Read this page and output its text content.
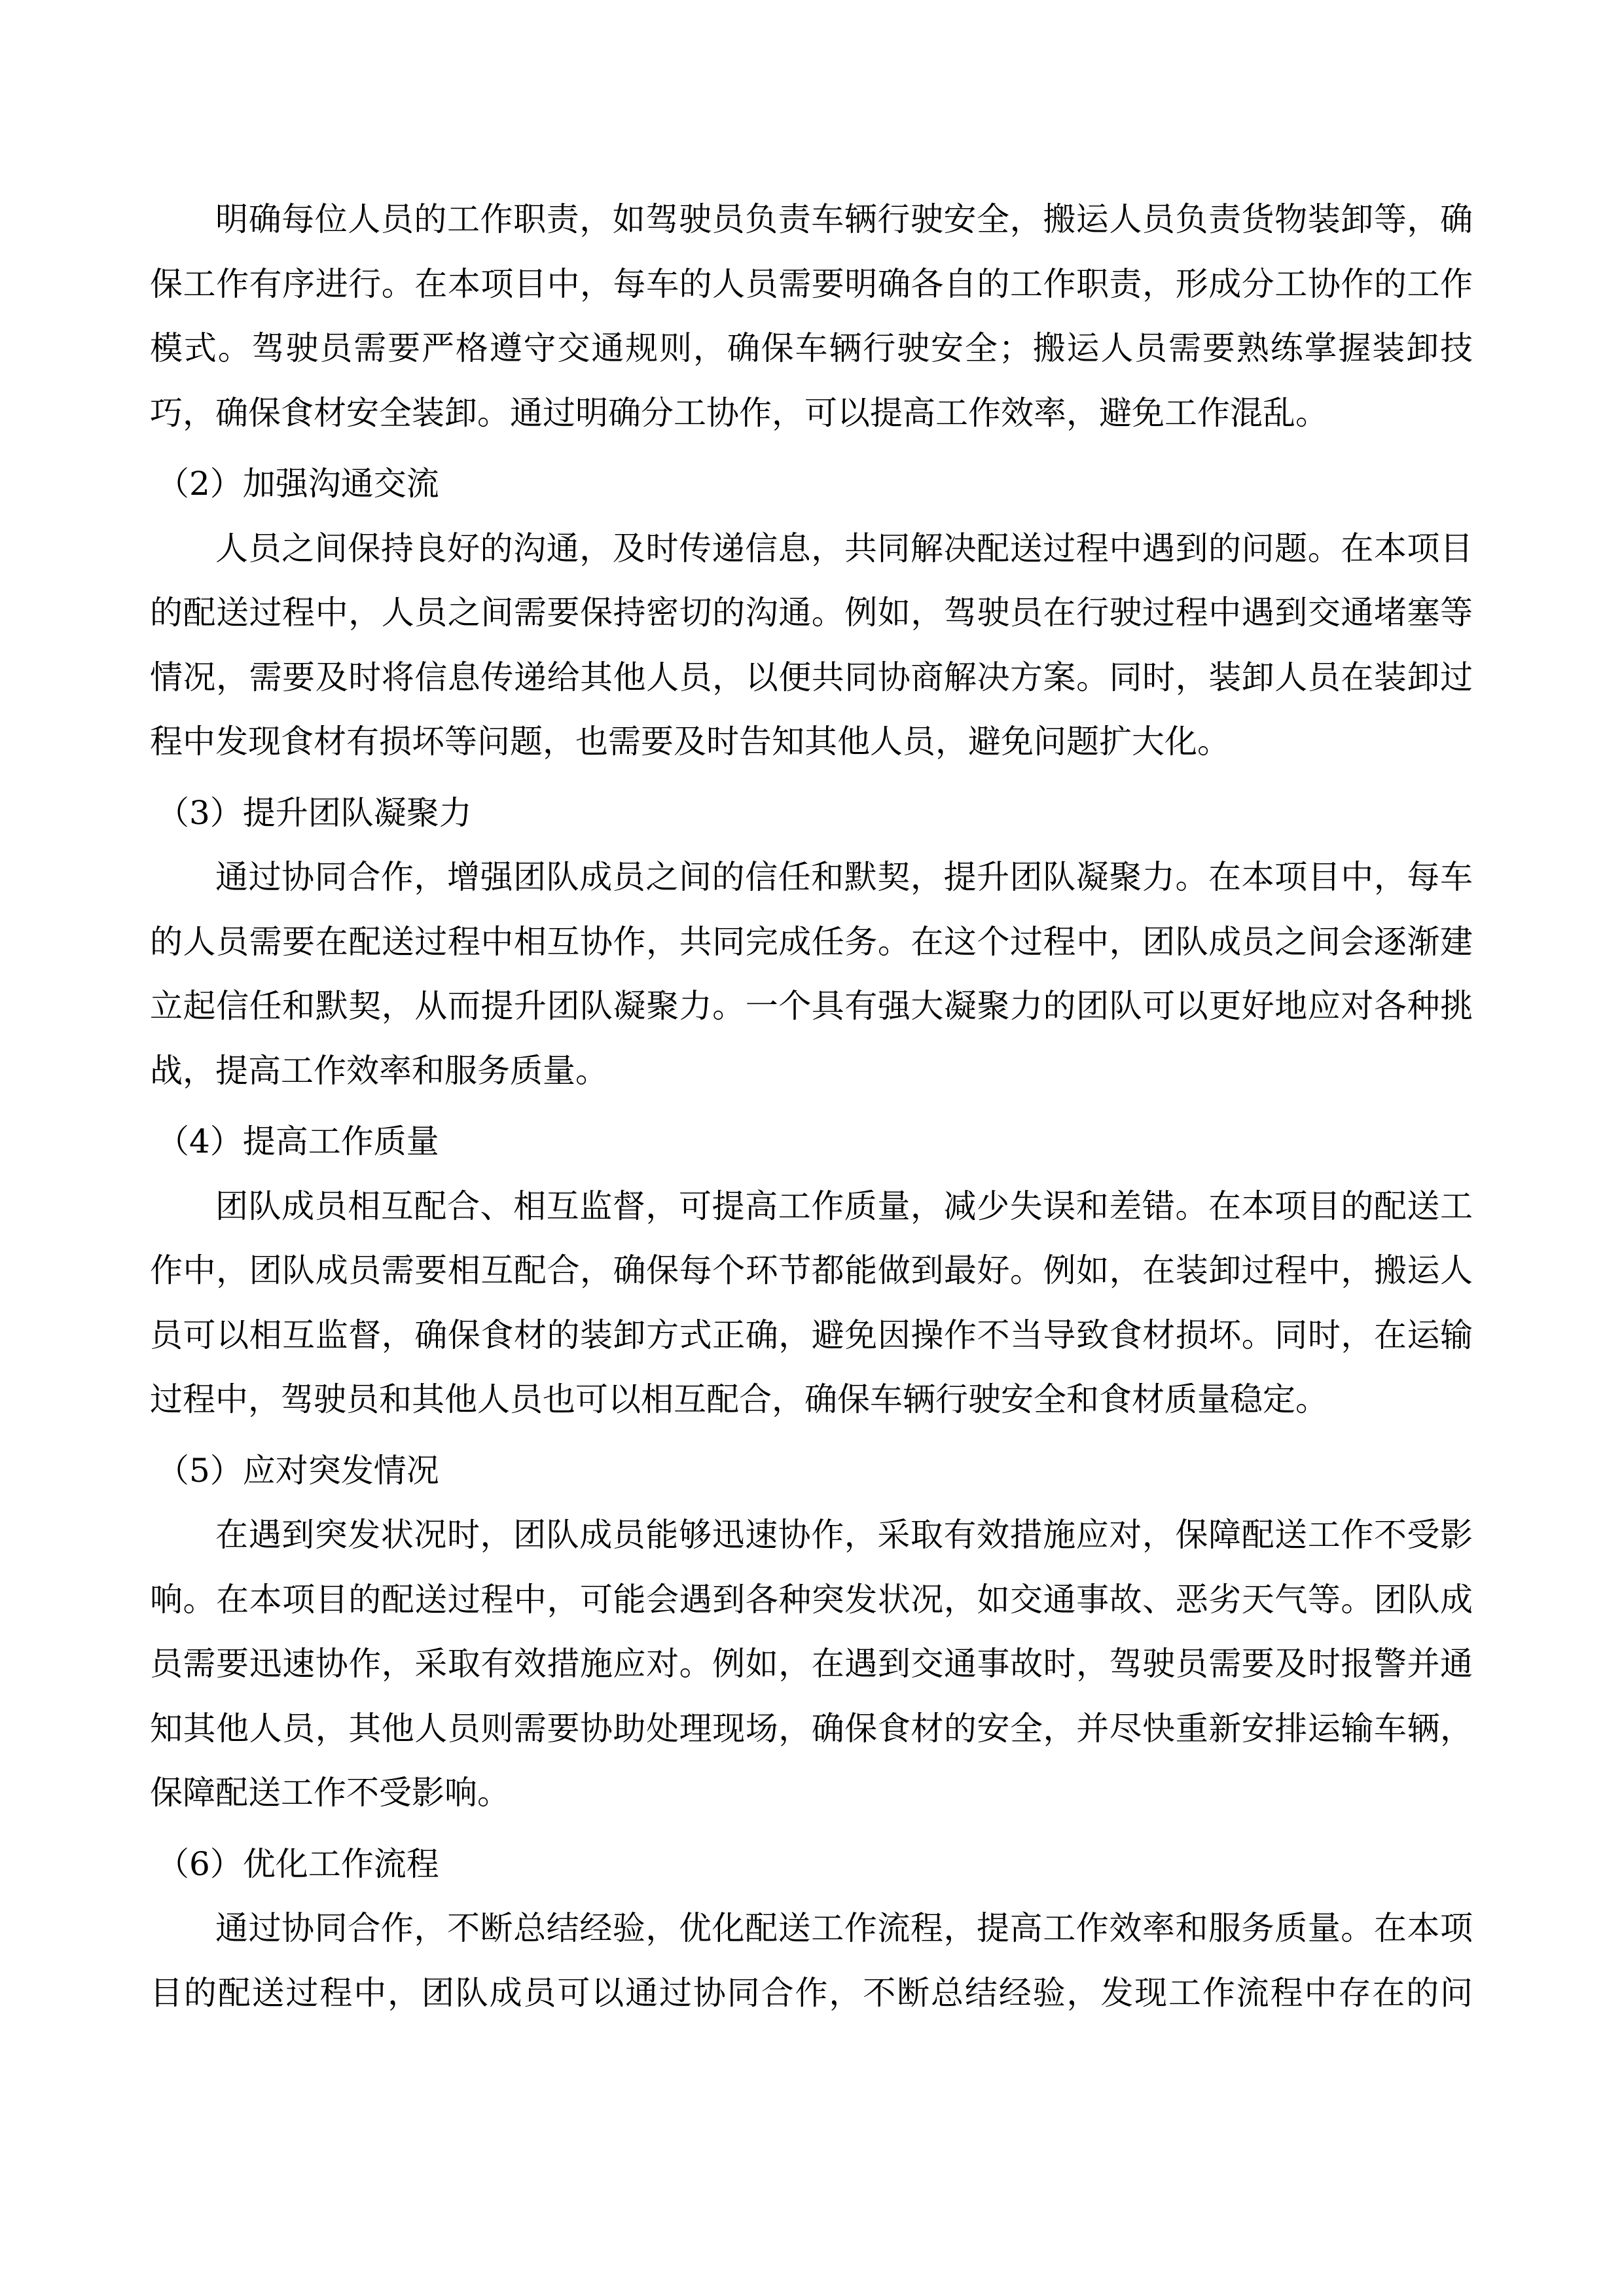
明确每位人员的工作职责，如驾驶员负责车辆行驶安全，搬运人员负责货物装卸等，确
保工作有序进行。在本项目中，每车的人员需要明确各自的工作职责，形成分工协作的工作
模式。驾驶员需要严格遵守交通规则，确保车辆行驶安全；搬运人员需要熟练掌握装卸技
巧，确保食材安全装卸。通过明确分工协作，可以提高工作效率，避免工作混乱。
（2）加强沟通交流
人员之间保持良好的沟通，及时传递信息，共同解决配送过程中遇到的问题。在本项目
的配送过程中，人员之间需要保持密切的沟通。例如，驾驶员在行驶过程中遇到交通堵塞等
情况，需要及时将信息传递给其他人员，以便共同协商解决方案。同时，装卸人员在装卸过
程中发现食材有损坏等问题，也需要及时告知其他人员，避免问题扩大化。
（3）提升团队凝聚力
通过协同合作，增强团队成员之间的信任和默契，提升团队凝聚力。在本项目中，每车
的人员需要在配送过程中相互协作，共同完成任务。在这个过程中，团队成员之间会逐渐建
立起信任和默契，从而提升团队凝聚力。一个具有强大凝聚力的团队可以更好地应对各种挑
战，提高工作效率和服务质量。
（4）提高工作质量
团队成员相互配合、相互监督，可提高工作质量，减少失误和差错。在本项目的配送工
作中，团队成员需要相互配合，确保每个环节都能做到最好。例如，在装卸过程中，搬运人
员可以相互监督，确保食材的装卸方式正确，避免因操作不当导致食材损坏。同时，在运输
过程中，驾驶员和其他人员也可以相互配合，确保车辆行驶安全和食材质量稳定。
（5）应对突发情况
在遇到突发状况时，团队成员能够迅速协作，采取有效措施应对，保障配送工作不受影
响。在本项目的配送过程中，可能会遇到各种突发状况，如交通事故、恶劣天气等。团队成
员需要迅速协作，采取有效措施应对。例如，在遇到交通事故时，驾驶员需要及时报警并通
知其他人员，其他人员则需要协助处理现场，确保食材的安全，并尽快重新安排运输车辆，
保障配送工作不受影响。
（6）优化工作流程
通过协同合作，不断总结经验，优化配送工作流程，提高工作效率和服务质量。在本项
目的配送过程中，团队成员可以通过协同合作，不断总结经验，发现工作流程中存在的问
